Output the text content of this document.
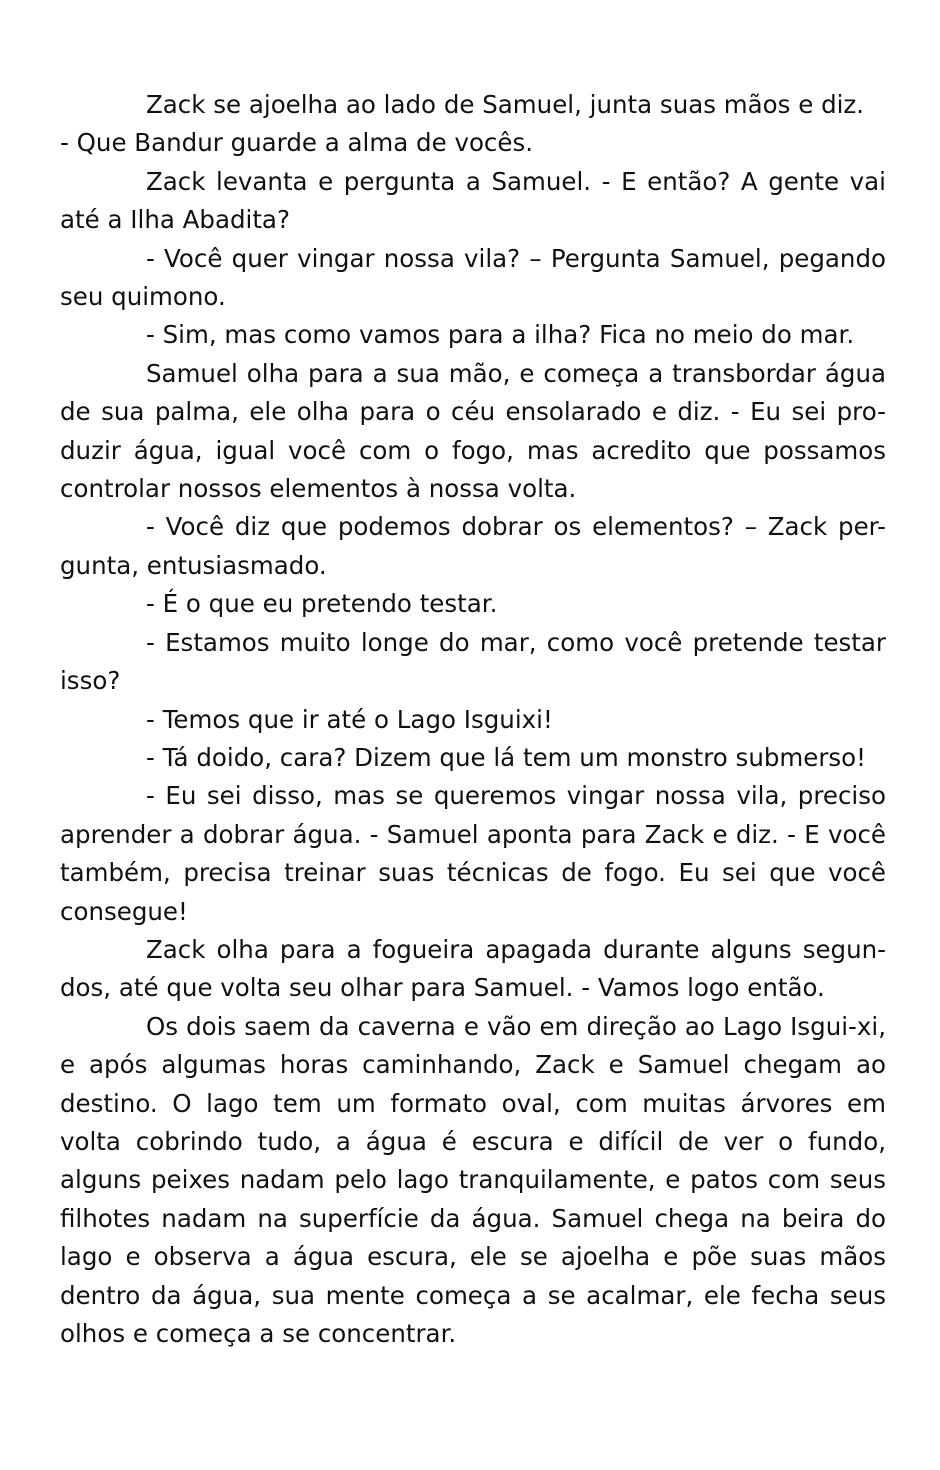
Zack se ajoelha ao lado de Samuel, junta suas mãos e diz.

- Que Bandur guarde a alma de vocês.

Zack levanta e pergunta a Samuel. - E então? A gente vai até a Ilha Abadita?

- Você quer vingar nossa vila? – Pergunta Samuel, pegando seu quimono.

- Sim, mas como vamos para a ilha? Fica no meio do mar.

Samuel olha para a sua mão, e começa a transbordar água de sua palma, ele olha para o céu ensolarado e diz. - Eu sei pro-duzir água, igual você com o fogo, mas acredito que possamos controlar nossos elementos à nossa volta.

- Você diz que podemos dobrar os elementos? – Zack per-gunta, entusiasmado.

- É o que eu pretendo testar.

- Estamos muito longe do mar, como você pretende testar isso?

- Temos que ir até o Lago Isguixi!

- Tá doido, cara? Dizem que lá tem um monstro submerso!

- Eu sei disso, mas se queremos vingar nossa vila, preciso aprender a dobrar água. - Samuel aponta para Zack e diz. - E você também, precisa treinar suas técnicas de fogo. Eu sei que você consegue!

Zack olha para a fogueira apagada durante alguns segun-dos, até que volta seu olhar para Samuel. - Vamos logo então.

Os dois saem da caverna e vão em direção ao Lago Isgui-xi, e após algumas horas caminhando, Zack e Samuel chegam ao destino. O lago tem um formato oval, com muitas árvores em volta cobrindo tudo, a água é escura e difícil de ver o fundo, alguns peixes nadam pelo lago tranquilamente, e patos com seus filhotes nadam na superfície da água. Samuel chega na beira do lago e observa a água escura, ele se ajoelha e põe suas mãos dentro da água, sua mente começa a se acalmar, ele fecha seus olhos e começa a se concentrar.
